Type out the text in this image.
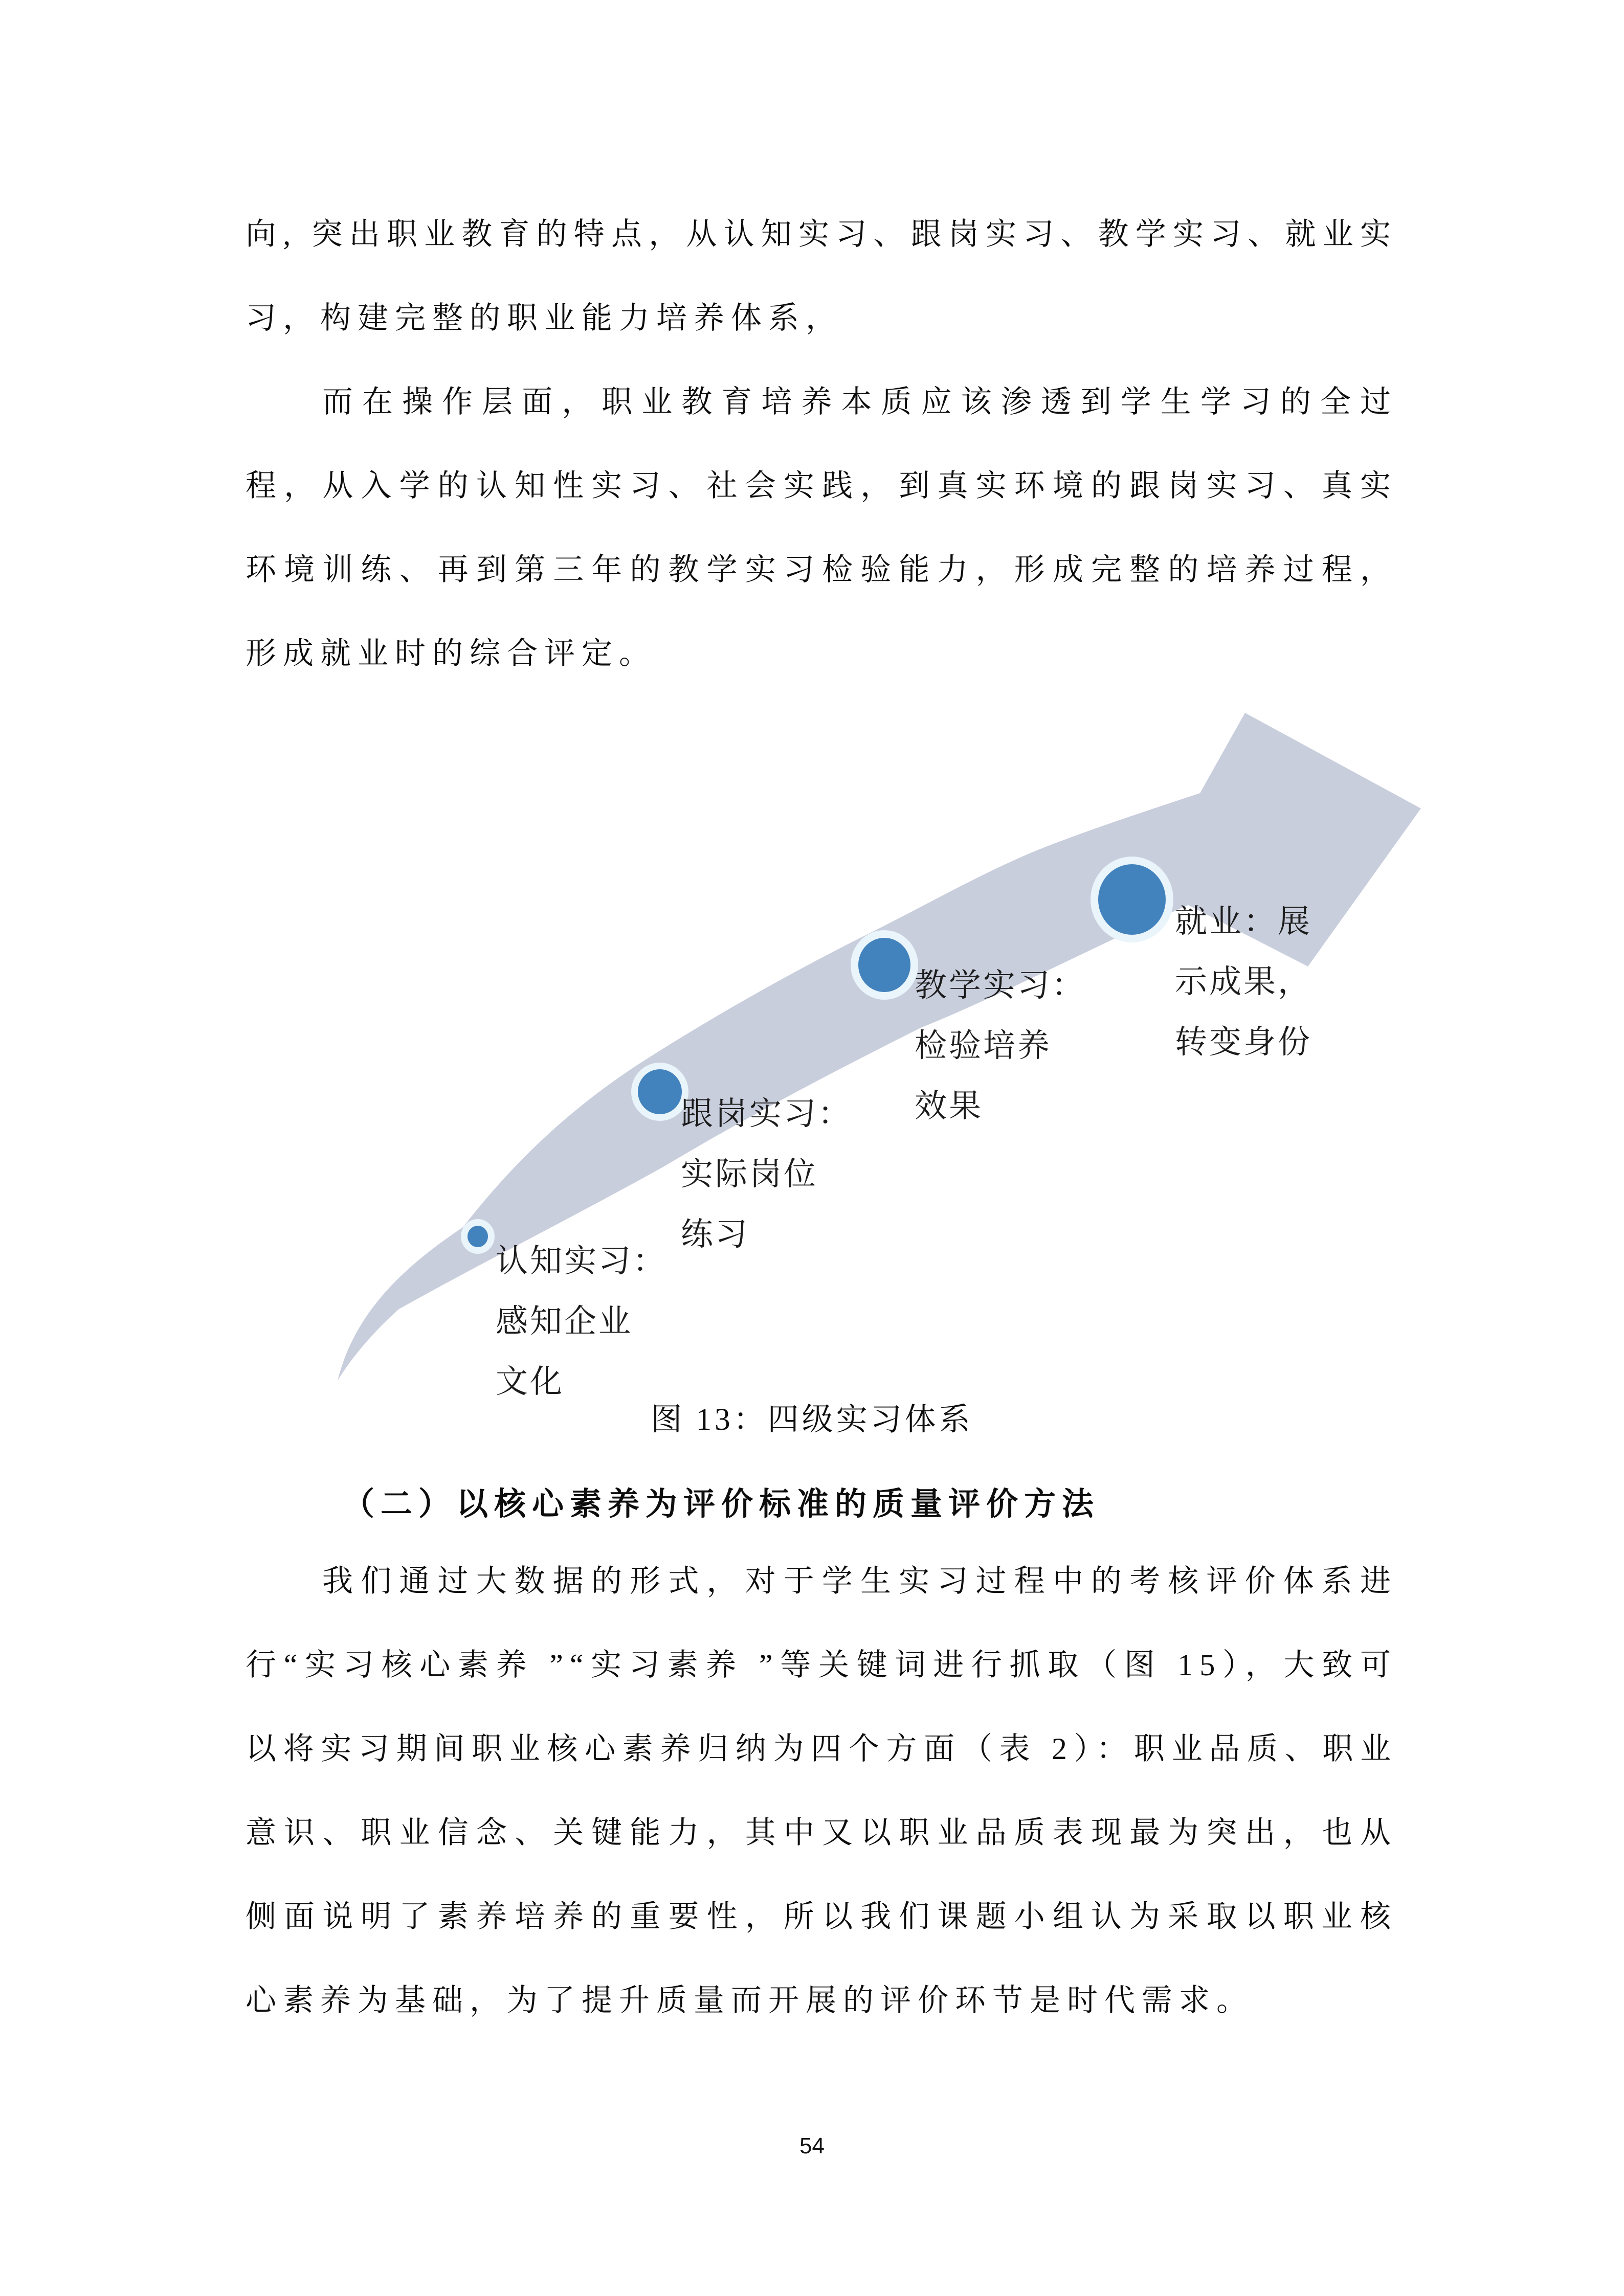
向, 突出职业教育的特点，从认知实习、跟岗实习、教学实习、就业实习，构建完整的职业能力培养体系，

而在操作层面，职业教育培养本质应该渗透到学生学习的全过程，从入学的认知性实习、社会实践，到真实环境的跟岗实习、真实环境训练、再到第三年的教学实习检验能力，形成完整的培养过程，形成就业时的综合评定。

认知实习：
感知企业
文化
跟岗实习：
实际岗位
练习
教学实习：
检验培养
效果
就业：展
示成果，
转变身份
图 13：四级实习体系
（二）以核心素养为评价标准的质量评价方法

我们通过大数据的形式，对于学生实习过程中的考核评价体系进行“实习核心素养 ”“实习素养 ”等关键词进行抓取（图 15），大致可以将实习期间职业核心素养归纳为四个方面（表 2）：职业品质、职业意识、职业信念、关键能力，其中又以职业品质表现最为突出，也从侧面说明了素养培养的重要性，所以我们课题小组认为采取以职业核心素养为基础，为了提升质量而开展的评价环节是时代需求。

54
